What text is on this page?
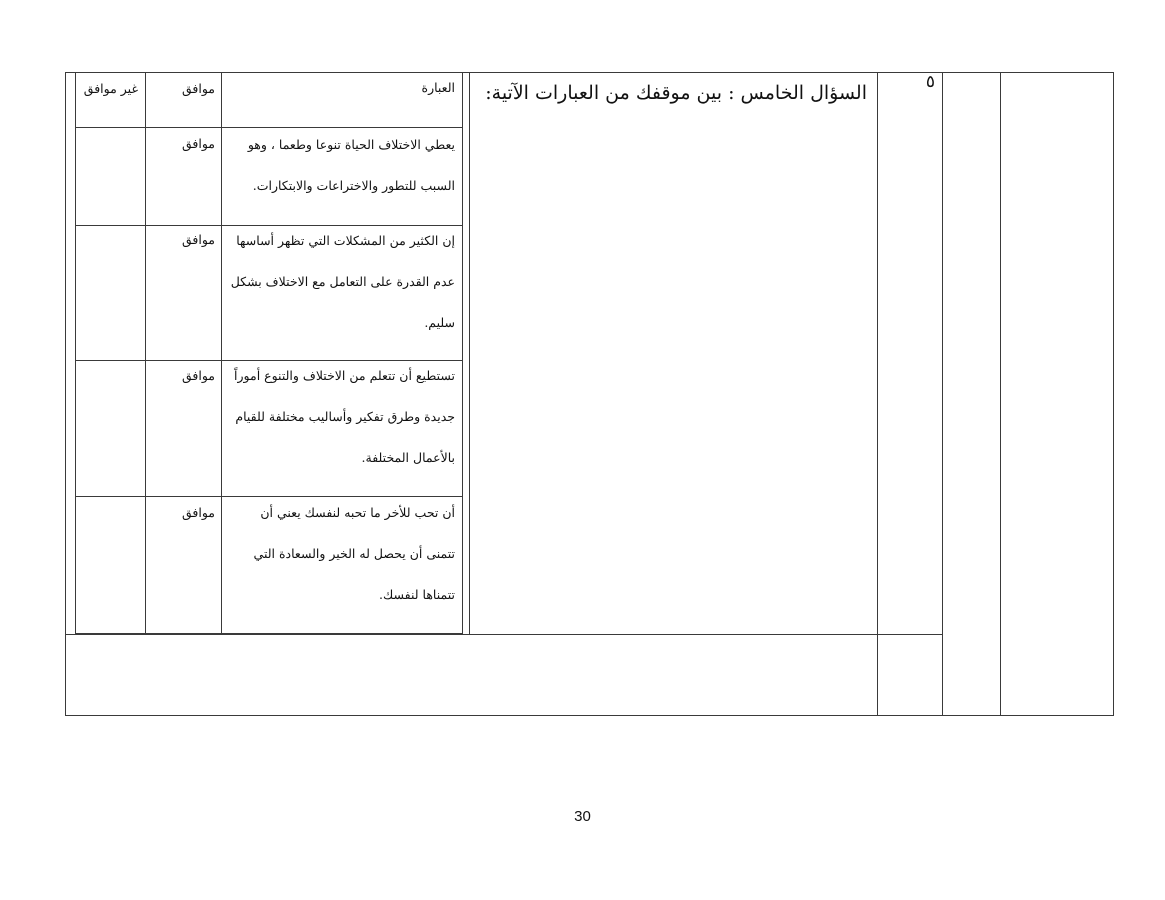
العبارة
موافق
غير موافق
يعطي الاختلاف الحياة تنوعا وطعما ، وهو
السبب للتطور والاختراعات والابتكارات.
موافق
إن الكثير من المشكلات التي تظهر أساسها
عدم القدرة على التعامل مع الاختلاف بشكل
سليم.
موافق
تستطيع أن تتعلم من الاختلاف والتنوع أموراً
جديدة وطرق تفكير وأساليب مختلفة للقيام
بالأعمال المختلفة.
موافق
أن تحب للأخر ما تحبه لنفسك يعني أن
تتمنى أن يحصل له الخير والسعادة التي
تتمناها لنفسك.
موافق
السؤال الخامس : بين موقفك من العبارات الآتية:	٥
30
